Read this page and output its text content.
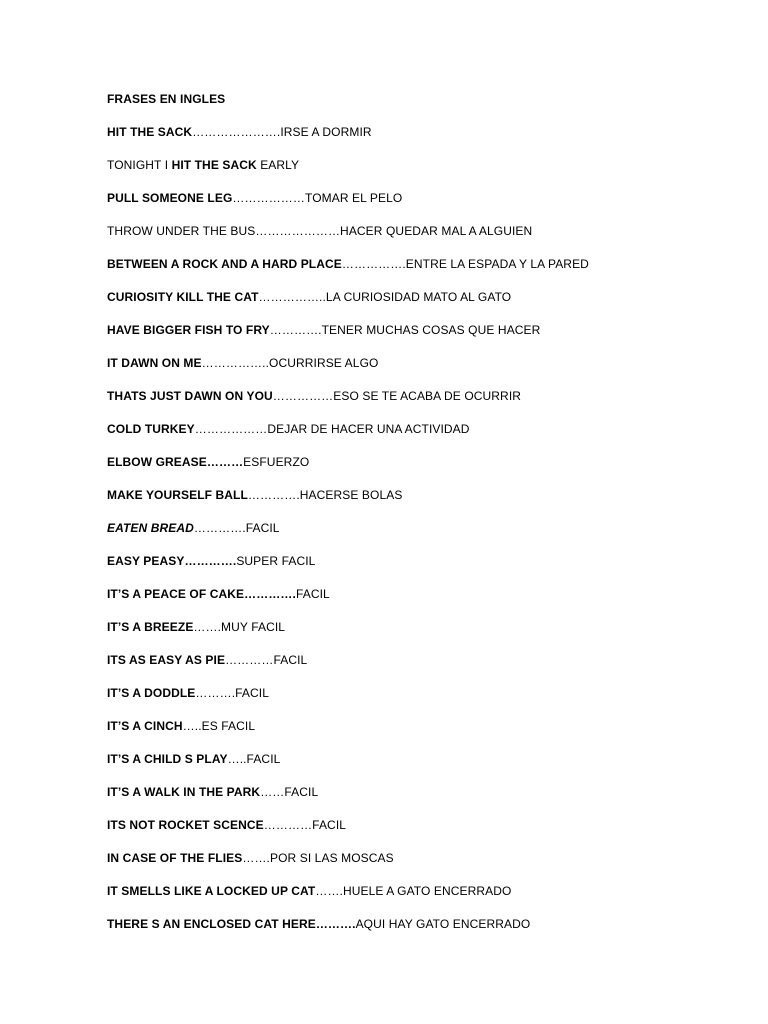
FRASES EN INGLES
HIT THE SACK………………….IRSE A DORMIR
TONIGHT I HIT THE SACK EARLY
PULL SOMEONE LEG………………TOMAR EL PELO
THROW UNDER THE BUS…………………HACER QUEDAR MAL A ALGUIEN
BETWEEN A ROCK AND A HARD PLACE…………….ENTRE LA ESPADA Y LA PARED
CURIOSITY KILL THE CAT……………..LA CURIOSIDAD MATO AL GATO
HAVE BIGGER FISH TO FRY………….TENER MUCHAS COSAS QUE HACER
IT DAWN ON ME……………..OCURRIRSE ALGO
THATS JUST DAWN ON YOU……………ESO SE TE ACABA DE OCURRIR
COLD TURKEY………………DEJAR DE HACER UNA ACTIVIDAD
ELBOW GREASE………ESFUERZO
MAKE YOURSELF BALL………….HACERSE BOLAS
EATEN BREAD………….FACIL
EASY PEASY………….SUPER FACIL
IT’S A PEACE OF CAKE………….FACIL
IT’S A BREEZE…….MUY FACIL
ITS AS EASY AS PIE…………FACIL
IT’S A DODDLE……….FACIL
IT’S A CINCH…..ES FACIL
IT’S A CHILD S PLAY…..FACIL
IT’S A WALK IN THE PARK……FACIL
ITS NOT ROCKET SCENCE…………FACIL
IN CASE OF THE FLIES…….POR SI LAS MOSCAS
IT SMELLS LIKE A LOCKED UP CAT…….HUELE A GATO ENCERRADO
THERE S AN ENCLOSED CAT HERE……….AQUI HAY GATO ENCERRADO
